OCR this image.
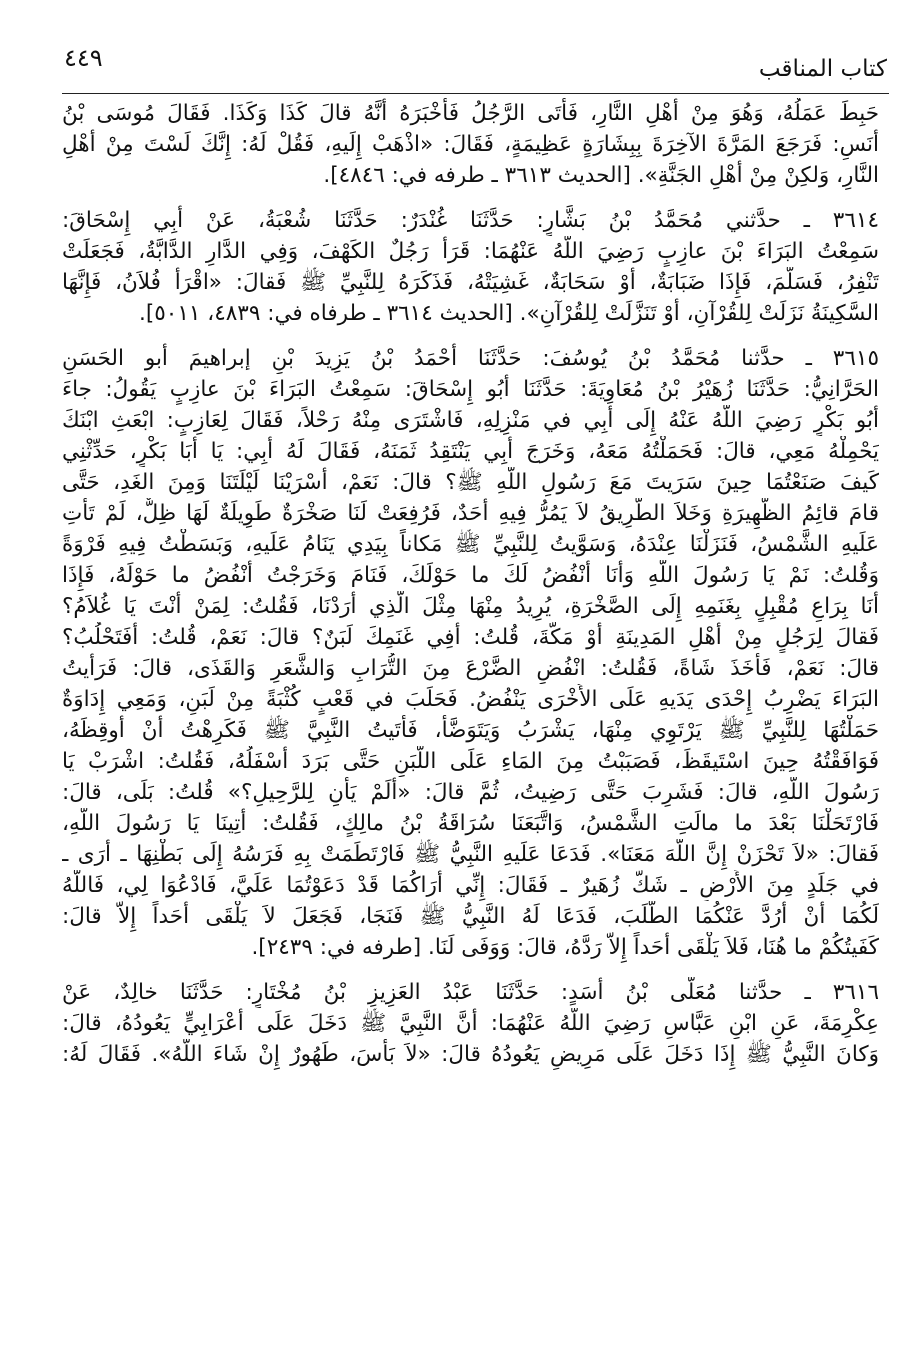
٤٤٩	كتاب المناقب
حَبِطَ عَمَلُهُ، وَهُوَ مِنْ أَهْلِ النَّارِ، فَأَتَى الرَّجُلُ فَأَخْبَرَهُ أَنَّهُ قالَ كَذَا وَكَذَا. فَقَالَ مُوسَى بْنُ
أَنَسٍ: فَرَجَعَ المَرَّةَ الآخِرَةَ بِبِشَارَةٍ عَظِيمَةٍ، فَقَالَ: «اذْهَبْ إِلَيهِ، فَقُلْ لَهُ: إِنَّكَ لَسْتَ مِنْ أَهْلِ
النَّارِ، وَلكِنْ مِنْ أَهْلِ الجَنَّةِ». [الحديث ٣٦١٣ ـ طرفه في: ٤٨٤٦].
٣٦١٤ ـ حدَّثني مُحَمَّدُ بْنُ بَشَّارٍ: حَدَّثَنَا غُنْدَرٌ: حَدَّثَنَا شُعْبَةُ، عَنْ أَبِي إِسْحَاقَ:
سَمِعْتُ البَرَاءَ بْنَ عازِبٍ رَضِيَ اللَّهُ عَنْهُمَا: قَرَأَ رَجُلٌ الكَهْفَ، وَفِي الدَّارِ الدَّابَّةُ، فَجَعَلَتْ
تَنْفِرُ، فَسَلَّمَ، فَإِذَا ضَبَابَةٌ، أَوْ سَحَابَةٌ، غَشِيَتْهُ، فَذَكَرَهُ لِلنَّبِيِّ ﷺ فَقالَ: «اقْرَأْ فُلاَنُ، فَإِنَّهَا
السَّكِينَةُ نَزَلَتْ لِلقُرْآنِ، أَوْ تَنَزَّلَتْ لِلقُرْآنِ». [الحديث ٣٦١٤ ـ طرفاه في: ٤٨٣٩، ٥٠١١].
٣٦١٥ ـ حدَّثنا مُحَمَّدُ بْنُ يُوسُفَ: حَدَّثَنَا أَحْمَدُ بْنُ يَزِيدَ بْنِ إبراهيمَ أبو الحَسَنِ
الحَرَّانِيُّ: حَدَّثَنَا زُهَيْرُ بْنُ مُعَاوِيَةَ: حَدَّثَنَا أَبُو إِسْحَاقَ: سَمِعْتُ البَرَاءَ بْنَ عازِبٍ يَقُولُ: جاءَ
أَبُو بَكْرٍ رَضِيَ اللَّهُ عَنْهُ إِلَى أَبِي في مَنْزِلِهِ، فَاشْتَرَى مِنْهُ رَحْلاً، فَقَالَ لِعَازِبٍ: ابْعَثِ ابْنَكَ
يَحْمِلْهُ مَعِي، قالَ: فَحَمَلْتُهُ مَعَهُ، وَخَرَجَ أَبِي يَنْتَقِدُ ثَمَنَهُ، فَقَالَ لَهُ أَبِي: يَا أَبَا بَكْرٍ، حَدِّثْنِي
كَيفَ صَنَعْتُمَا حِينَ سَرَيتَ مَعَ رَسُولِ اللَّهِ ﷺ؟ قالَ: نَعَمْ، أَسْرَيْنَا لَيْلَتَنَا وَمِنَ الغَدِ، حَتَّى
قامَ قائِمُ الظَّهِيرَةِ وَخَلاَ الطَّرِيقُ لاَ يَمُرُّ فِيهِ أَحَدٌ، فَرُفِعَتْ لَنَا صَخْرَةٌ طَوِيلَةٌ لَهَا ظِلٌّ، لَمْ تَأْتِ
عَلَيهِ الشَّمْسُ، فَنَزَلْنَا عِنْدَهُ، وَسَوَّيتُ لِلنَّبِيِّ ﷺ مَكاناً بِيَدِي يَنَامُ عَلَيهِ، وَبَسَطْتُ فِيهِ فَرْوَةً
وَقُلتُ: نَمْ يَا رَسُولَ اللَّهِ وَأَنَا أَنْفُضُ لَكَ ما حَوْلَكَ، فَنَامَ وَخَرَجْتُ أَنْفُضُ ما حَوْلَهُ، فَإِذَا
أَنَا بِرَاعٍ مُقْبِلٍ بِغَنَمِهِ إِلَى الصَّخْرَةِ، يُرِيدُ مِنْهَا مِثْلَ الَّذِي أَرَدْنَا، فَقُلتُ: لِمَنْ أَنْتَ يَا غُلاَمُ؟
فَقالَ لِرَجُلٍ مِنْ أَهْلِ المَدِينَةِ أَوْ مَكَّةَ، قُلتُ: أَفِي غَنَمِكَ لَبَنٌ؟ قالَ: نَعَمْ، قُلتُ: أَفَتَحْلُبُ؟
قالَ: نَعَمْ، فَأَخَذَ شَاةً، فَقُلتُ: انْفُضِ الضَّرْعَ مِنَ التُّرَابِ وَالشَّعَرِ وَالقَذَى، قالَ: فَرَأَيتُ
البَرَاءَ يَضْرِبُ إِحْدَى يَدَيهِ عَلَى الأُخْرَى يَنْفُضُ. فَحَلَبَ في قَعْبٍ كُثْبَةً مِنْ لَبَنٍ، وَمَعِي إِدَاوَةٌ
حَمَلْتُهَا لِلنَّبِيِّ ﷺ يَرْتَوِي مِنْهَا، يَشْرَبُ وَيَتَوَضَّأُ، فَأَتَيتُ النَّبِيَّ ﷺ فَكَرِهْتُ أَنْ أُوقِظَهُ،
فَوَافَقْتُهُ حِينَ اسْتَيقَظَ، فَصَبَبْتُ مِنَ المَاءِ عَلَى اللَّبَنِ حَتَّى بَرَدَ أَسْفَلُهُ، فَقُلتُ: اشْرَبْ يَا
رَسُولَ اللَّهِ، قالَ: فَشَرِبَ حَتَّى رَضِيتُ، ثُمَّ قالَ: «أَلَمْ يَأْنِ لِلرَّحِيلِ؟» قُلتُ: بَلَى، قالَ:
فَارْتَحَلْنَا بَعْدَ ما مالَتِ الشَّمْسُ، وَاتَّبَعَنَا سُرَاقَةُ بْنُ مالِكٍ، فَقُلتُ: أُتِينَا يَا رَسُولَ اللَّهِ،
فَقالَ: «لاَ تَحْزَنْ إِنَّ اللَّهَ مَعَنَا». فَدَعَا عَلَيهِ النَّبِيُّ ﷺ فَارْتَطَمَتْ بِهِ فَرَسُهُ إِلَى بَطْنِهَا ـ أُرَى ـ
في جَلَدٍ مِنَ الأَرْضِ ـ شَكَّ زُهَيرٌ ـ فَقَالَ: إِنِّي أُرَاكُمَا قَدْ دَعَوْتُمَا عَلَيَّ، فَادْعُوَا لِي، فَاللَّهُ
لَكُمَا أَنْ أَرُدَّ عَنْكُمَا الطَّلَبَ، فَدَعَا لَهُ النَّبِيُّ ﷺ فَنَجَا، فَجَعَلَ لاَ يَلْقَى أَحَداً إِلاَّ قالَ:
كَفَيتُكُمْ ما هُنَا، فَلاَ يَلْقَى أَحَداً إِلاَّ رَدَّهُ، قالَ: وَوَفَى لَنَا. [طرفه في: ٢٤٣٩].
٣٦١٦ ـ حدَّثنا مُعَلَّى بْنُ أَسَدٍ: حَدَّثَنَا عَبْدُ العَزِيزِ بْنُ مُخْتَارٍ: حَدَّثَنَا خالِدٌ، عَنْ
عِكْرِمَةَ، عَنِ ابْنِ عَبَّاسٍ رَضِيَ اللَّهُ عَنْهُمَا: أَنَّ النَّبِيَّ ﷺ دَخَلَ عَلَى أَعْرَابِيٍّ يَعُودُهُ، قالَ:
وَكانَ النَّبِيُّ ﷺ إِذَا دَخَلَ عَلَى مَرِيضٍ يَعُودُهُ قالَ: «لاَ بَأْسَ، طَهُورٌ إِنْ شَاءَ اللَّهُ». فَقَالَ لَهُ:
